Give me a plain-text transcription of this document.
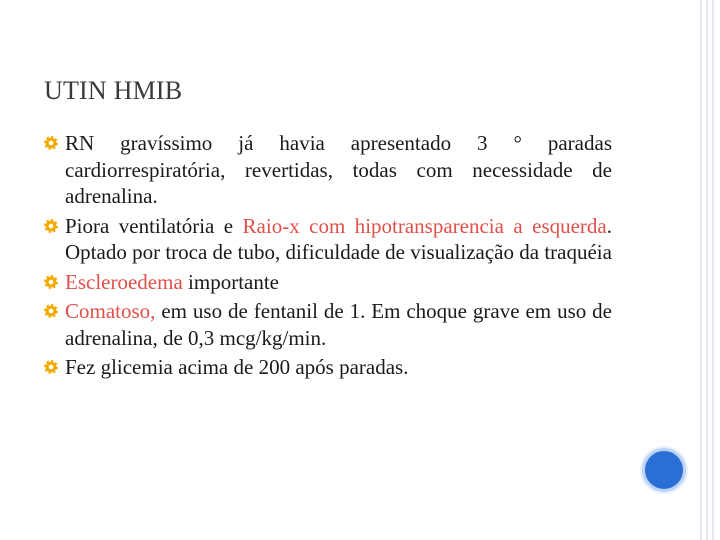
UTIN HMIB
RN gravíssimo já havia apresentado 3 ° paradas cardiorrespiratória, revertidas, todas com necessidade de adrenalina.
Piora ventilatória e Raio-x com hipotransparencia a esquerda. Optado por troca de tubo, dificuldade de visualização da traquéia
Escleroedema importante
Comatoso, em uso de fentanil de 1. Em choque grave em uso de adrenalina, de 0,3 mcg/kg/min.
Fez glicemia acima de 200 após paradas.
